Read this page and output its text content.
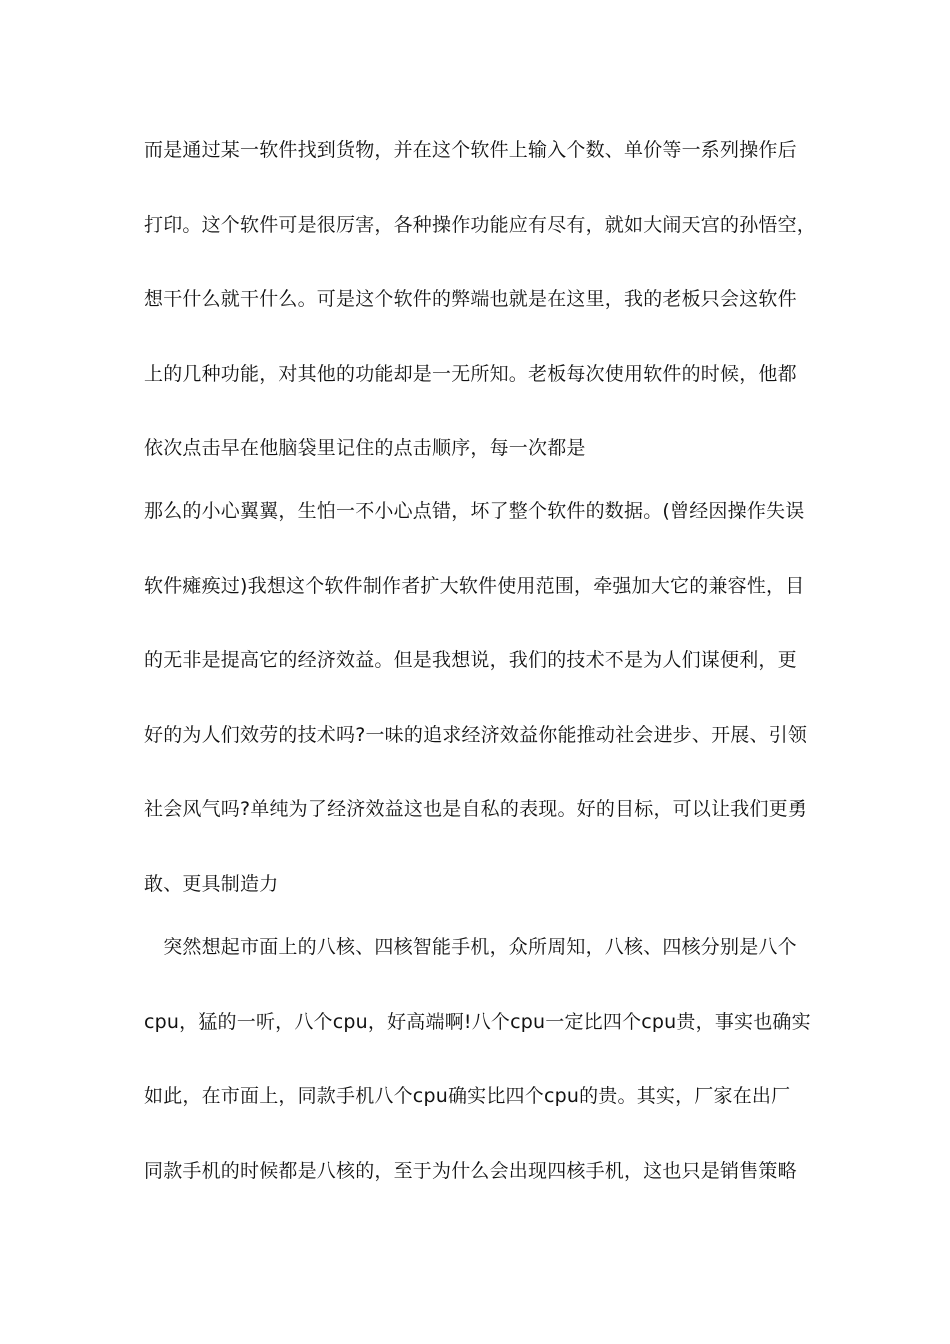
而是通过某一软件找到货物，并在这个软件上输入个数、单价等一系列操作后
打印。这个软件可是很厉害，各种操作功能应有尽有，就如大闹天宫的孙悟空，
想干什么就干什么。可是这个软件的弊端也就是在这里，我的老板只会这软件
上的几种功能，对其他的功能却是一无所知。老板每次使用软件的时候，他都
依次点击早在他脑袋里记住的点击顺序，每一次都是
那么的小心翼翼，生怕一不小心点错，坏了整个软件的数据。(曾经因操作失误
软件瘫痪过)我想这个软件制作者扩大软件使用范围，牵强加大它的兼容性，目
的无非是提高它的经济效益。但是我想说，我们的技术不是为人们谋便利，更
好的为人们效劳的技术吗?一味的追求经济效益你能推动社会进步、开展、引领
社会风气吗?单纯为了经济效益这也是自私的表现。好的目标，可以让我们更勇
敢、更具制造力
　突然想起市面上的八核、四核智能手机，众所周知，八核、四核分别是八个
cpu，猛的一听，八个cpu，好高端啊!八个cpu一定比四个cpu贵，事实也确实
如此，在市面上，同款手机八个cpu确实比四个cpu的贵。其实，厂家在出厂
同款手机的时候都是八核的，至于为什么会出现四核手机，这也只是销售策略
